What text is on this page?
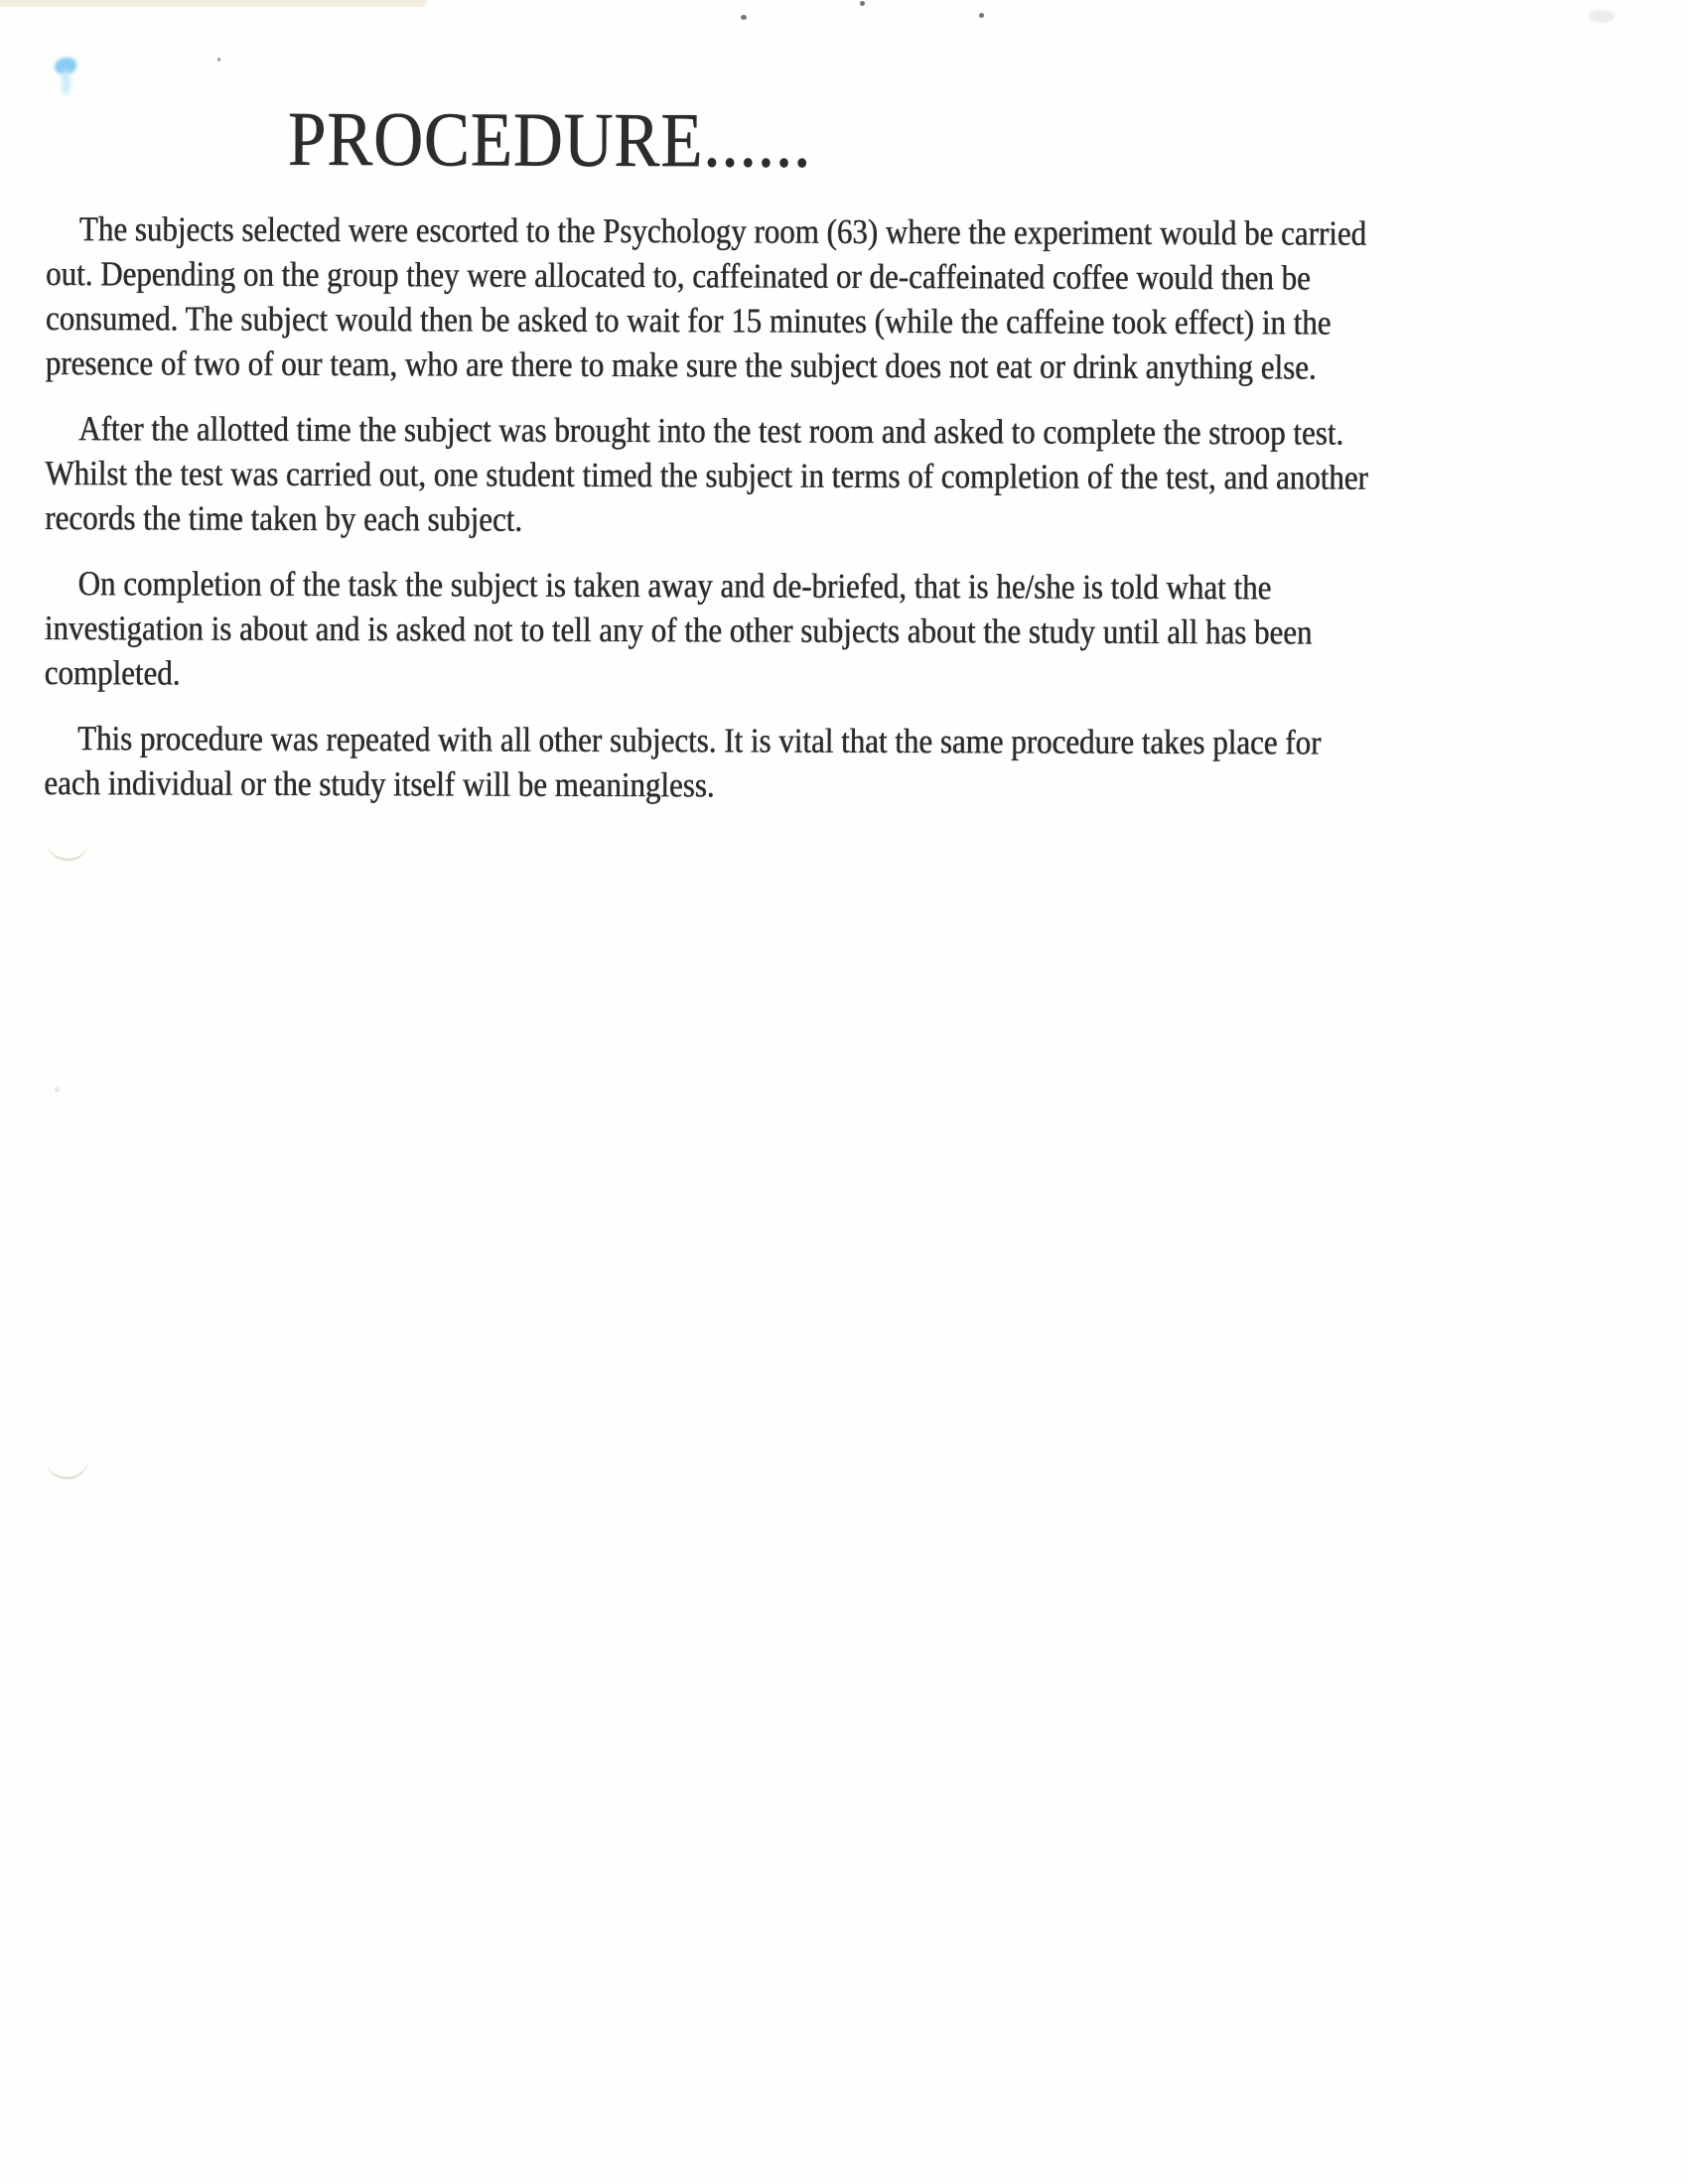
PROCEDURE......
The subjects selected were escorted to the Psychology room (63) where the experiment would be carried
out. Depending on the group they were allocated to, caffeinated or de-caffeinated coffee would then be
consumed. The subject would then be asked to wait for 15 minutes (while the caffeine took effect) in the
presence of two of our team, who are there to make sure the subject does not eat or drink anything else.
After the allotted time the subject was brought into the test room and asked to complete the stroop test.
Whilst the test was carried out, one student timed the subject in terms of completion of the test, and another
records the time taken by each subject.
On completion of the task the subject is taken away and de-briefed, that is he/she is told what the
investigation is about and is asked not to tell any of the other subjects about the study until all has been
completed.
This procedure was repeated with all other subjects. It is vital that the same procedure takes place for
each individual or the study itself will be meaningless.
